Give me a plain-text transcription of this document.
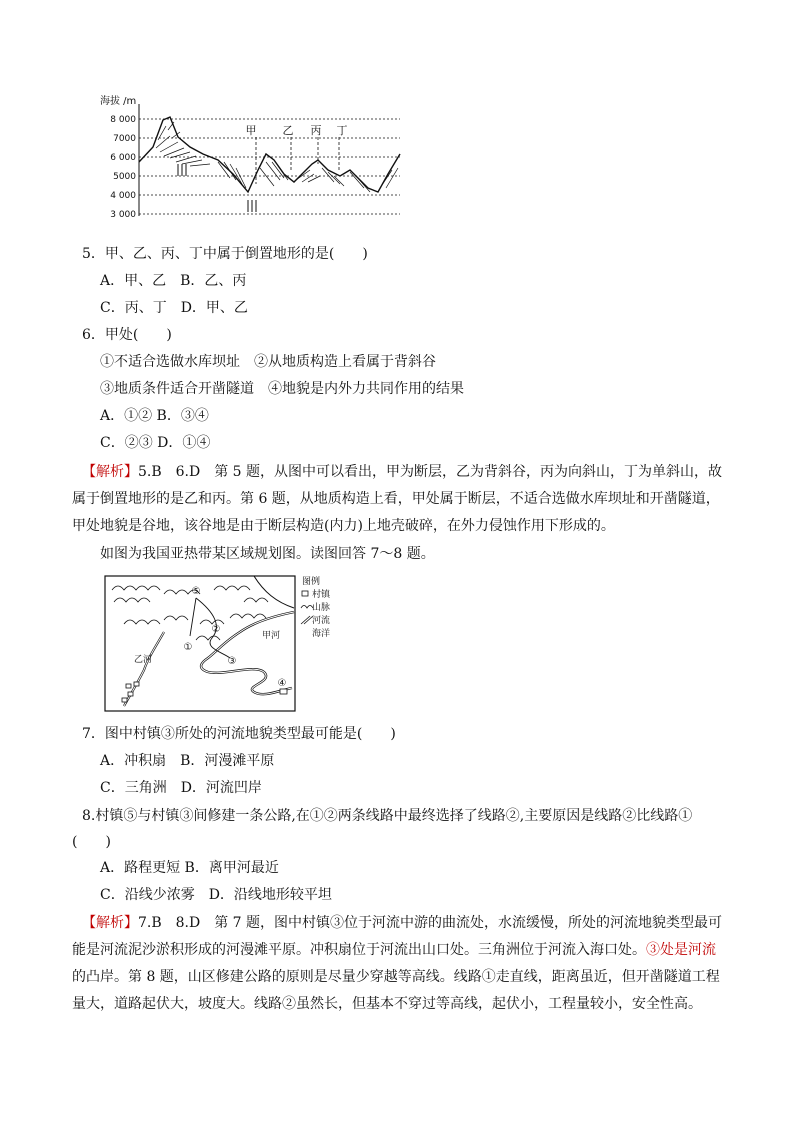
海拔 /m
8 000
7000
6 000
5000
4 000
3 000
甲 乙 丙 丁
5．甲、乙、丙、丁中属于倒置地形的是(　　)
A．甲、乙　B．乙、丙
C．丙、丁　D．甲、乙
6．甲处(　　)
①不适合选做水库坝址　②从地质构造上看属于背斜谷
③地质条件适合开凿隧道　④地貌是内外力共同作用的结果
A．①② B．③④
C．②③ D．①④
【解析】5.B　6.D　第 5 题，从图中可以看出，甲为断层，乙为背斜谷，丙为向斜山，丁为单斜山，故
属于倒置地形的是乙和丙。第 6 题，从地质构造上看，甲处属于断层，不适合选做水库坝址和开凿隧道，
甲处地貌是谷地，该谷地是由于断层构造(内力)上地壳破碎，在外力侵蚀作用下形成的。
如图为我国亚热带某区域规划图。读图回答 7～8 题。
①
②
③
④
⑤
甲河
乙河
图例
村镇
山脉
河流
海洋
7．图中村镇③所处的河流地貌类型最可能是(　　)
A．冲积扇　B．河漫滩平原
C．三角洲　D．河流凹岸
8.村镇⑤与村镇③间修建一条公路,在①②两条线路中最终选择了线路②,主要原因是线路②比线路①
(　　)
A．路程更短 B．离甲河最近
C．沿线少浓雾　D．沿线地形较平坦
【解析】7.B　8.D　第 7 题，图中村镇③位于河流中游的曲流处，水流缓慢，所处的河流地貌类型最可
能是河流泥沙淤积形成的河漫滩平原。冲积扇位于河流出山口处。三角洲位于河流入海口处。③处是河流
的凸岸。第 8 题，山区修建公路的原则是尽量少穿越等高线。线路①走直线，距离虽近，但开凿隧道工程
量大，道路起伏大，坡度大。线路②虽然长，但基本不穿过等高线，起伏小，工程量较小，安全性高。
